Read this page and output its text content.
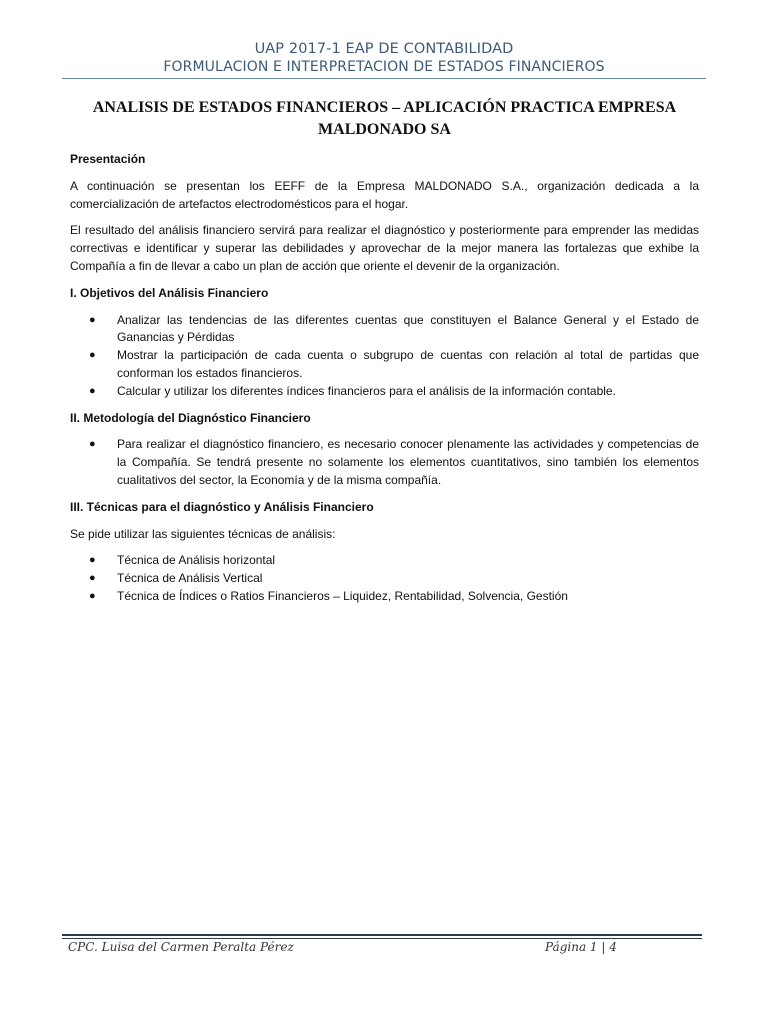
UAP 2017-1 EAP DE CONTABILIDAD
FORMULACION E INTERPRETACION DE ESTADOS FINANCIEROS
ANALISIS DE ESTADOS FINANCIEROS – APLICACIÓN PRACTICA EMPRESA
MALDONADO SA
Presentación

A continuación se presentan los EEFF de la Empresa MALDONADO S.A., organización dedicada a la comercialización de artefactos electrodomésticos para el hogar.

El resultado del análisis financiero servirá para realizar el diagnóstico y posteriormente para emprender las medidas correctivas e identificar y superar las debilidades y aprovechar de la mejor manera las fortalezas que exhibe la Compañía a fin de llevar a cabo un plan de acción que oriente el devenir de la organización.

I. Objetivos del Análisis Financiero
● Analizar las tendencias de las diferentes cuentas que constituyen el Balance General y el Estado de Ganancias y Pérdidas
● Mostrar la participación de cada cuenta o subgrupo de cuentas con relación al total de partidas que conforman los estados financieros.
● Calcular y utilizar los diferentes índices financieros para el análisis de la información contable.
II. Metodología del Diagnóstico Financiero
● Para realizar el diagnóstico financiero, es necesario conocer plenamente las actividades y competencias de la Compañía. Se tendrá presente no solamente los elementos cuantitativos, sino también los elementos cualitativos del sector, la Economía y de la misma compañía.
III. Técnicas para el diagnóstico y Análisis Financiero

Se pide utilizar las siguientes técnicas de análisis:

● Técnica de Análisis horizontal
● Técnica de Análisis Vertical
● Técnica de Índices o Ratios Financieros – Liquidez, Rentabilidad, Solvencia, Gestión
CPC. Luisa del Carmen Peralta Pérez	Página 1 | 4
